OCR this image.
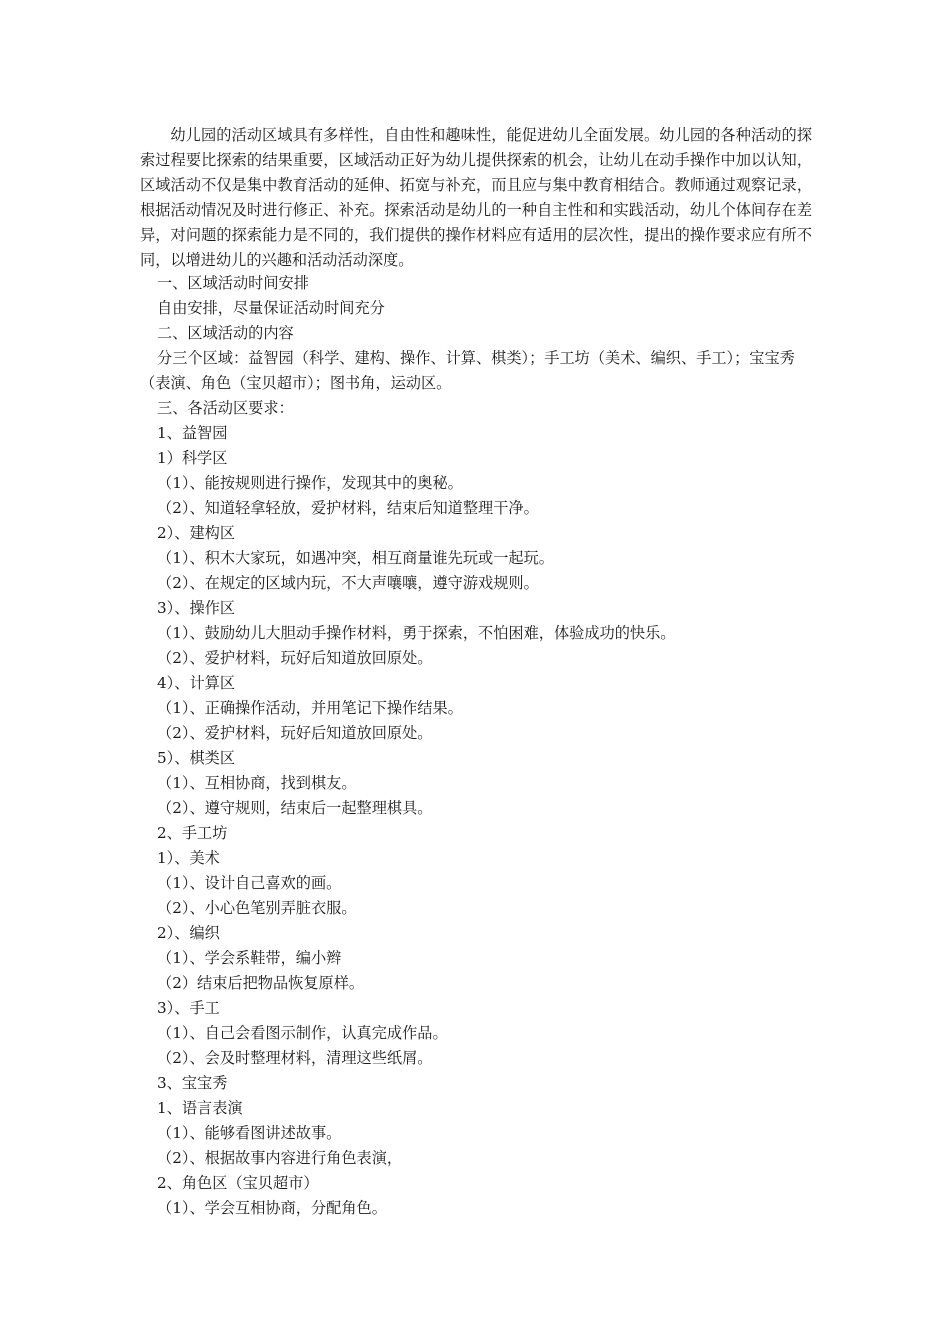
幼儿园的活动区域具有多样性，自由性和趣味性，能促进幼儿全面发展。幼儿园的各种活动的探索过程要比探索的结果重要，区域活动正好为幼儿提供探索的机会，让幼儿在动手操作中加以认知，区域活动不仅是集中教育活动的延伸、拓宽与补充，而且应与集中教育相结合。教师通过观察记录，根据活动情况及时进行修正、补充。探索活动是幼儿的一种自主性和和实践活动，幼儿个体间存在差异，对问题的探索能力是不同的，我们提供的操作材料应有适用的层次性，提出的操作要求应有所不同，以增进幼儿的兴趣和活动活动深度。

一、区域活动时间安排
自由安排，尽量保证活动时间充分
二、区域活动的内容
分三个区域：益智园（科学、建构、操作、计算、棋类）；手工坊（美术、编织、手工）；宝宝秀
（表演、角色（宝贝超市）；图书角，运动区。
三、各活动区要求：
1、益智园
1）科学区
（1）、能按规则进行操作，发现其中的奥秘。
（2）、知道轻拿轻放，爱护材料，结束后知道整理干净。
2）、建构区
（1）、积木大家玩，如遇冲突，相互商量谁先玩或一起玩。
（2）、在规定的区域内玩，不大声嚷嚷，遵守游戏规则。
3）、操作区
（1）、鼓励幼儿大胆动手操作材料，勇于探索，不怕困难，体验成功的快乐。
（2）、爱护材料，玩好后知道放回原处。
4）、计算区
（1）、正确操作活动，并用笔记下操作结果。
（2）、爱护材料，玩好后知道放回原处。
5）、棋类区
（1）、互相协商，找到棋友。
（2）、遵守规则，结束后一起整理棋具。
2、手工坊
1）、美术
（1）、设计自己喜欢的画。
（2）、小心色笔别弄脏衣服。
2）、编织
（1）、学会系鞋带，编小辫
（2）结束后把物品恢复原样。
3）、手工
（1）、自己会看图示制作，认真完成作品。
（2）、会及时整理材料，清理这些纸屑。
3、宝宝秀
1、语言表演
（1）、能够看图讲述故事。
（2）、根据故事内容进行角色表演，
2、角色区（宝贝超市）
（1）、学会互相协商，分配角色。
